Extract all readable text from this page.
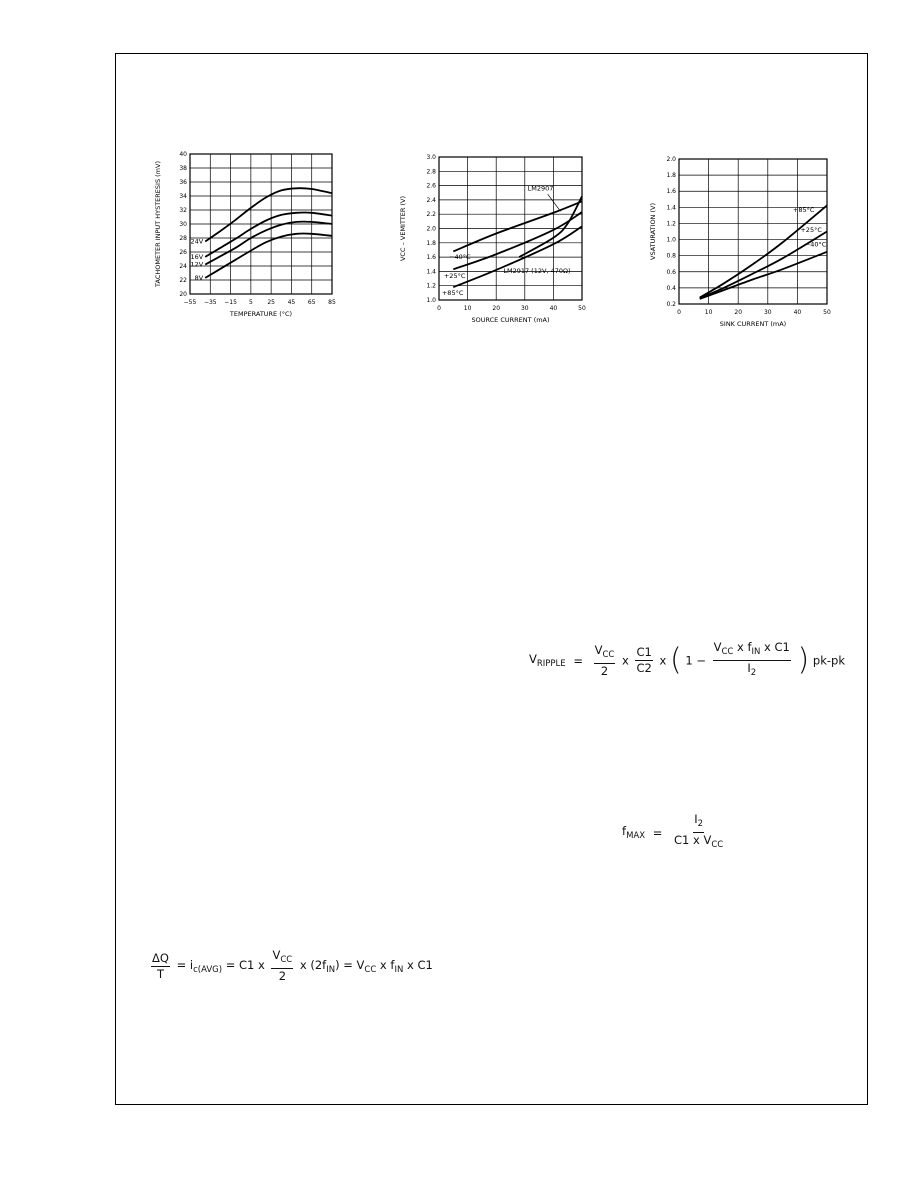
−55 −35 −15 5 25 45 65 85
20
22
24
26
28
30
32
34
36
38
40
TEMPERATURE (°C)
TACHOMETER INPUT HYSTERESIS (mV)	24V
16V
12V
8V
0	10	20	30	40	50
1.0
1.2
1.4
1.6
1.8
2.0
2.2
2.4
2.6
2.8
3.0
SOURCE CURRENT (mA)
VCC – VEMITTER (V)
LM2907
LM2917 (12V, 470Ω)
−40°C
+25°C
+85°C
0	10	20	30	40	50
0.2
0.4
0.6
0.8
1.0
1.2
1.4
1.6
1.8
2.0
SINK CURRENT (mA)
VSATURATION (V)	+85°C
+25°C
−40°C
$V_{RIPPLE}$ =
$V_{CC}$
2
x $\frac{C1}{C2}$ x ( 1 −
$V_{CC}$ x $f_{IN}$ x C1
$I_2$ ) pk-pk
$f_{MAX}$ =
$I_2$
C1 x $V_{CC}$
$\frac{\Delta Q}{T} = i_{c(AVG)} = C1$ x
$V_{CC}$
2
x $(2f_{IN}) = V_{CC}$ x $f_{IN}$ x C1
